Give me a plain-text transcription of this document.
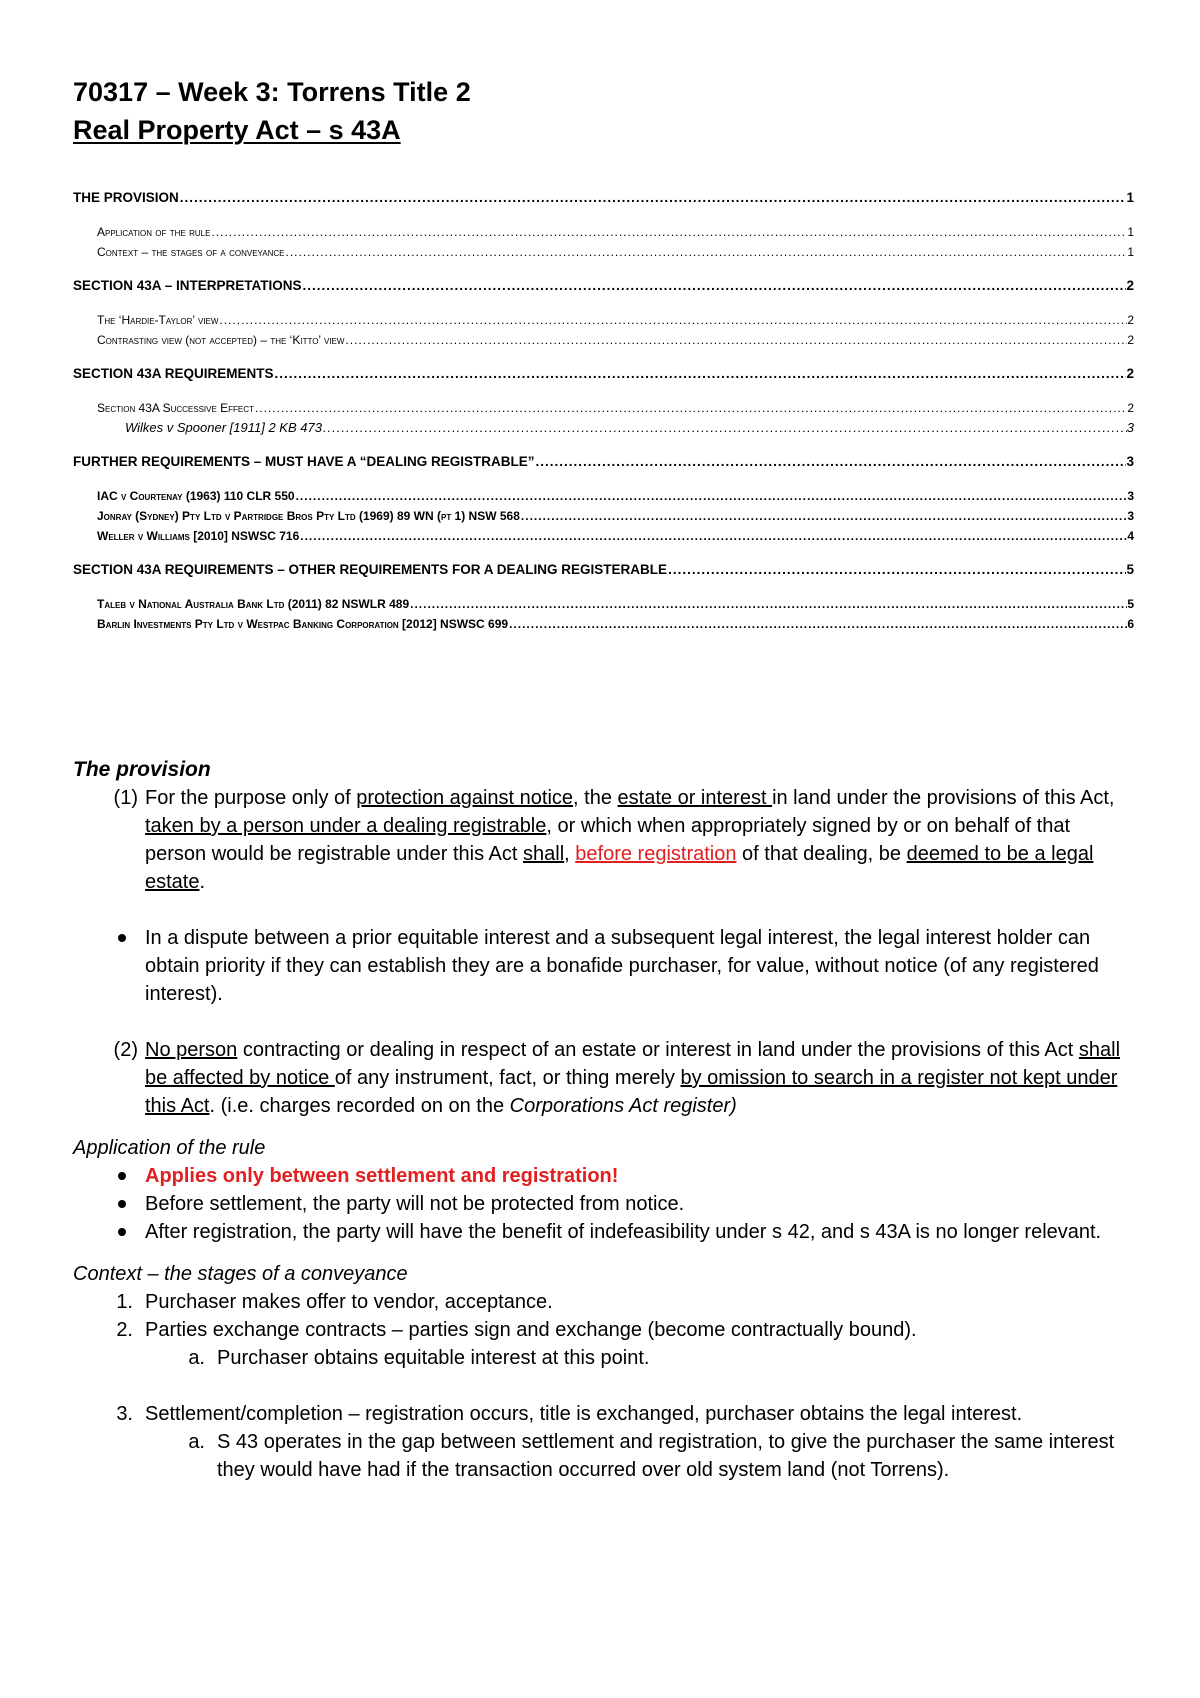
70317 – Week 3: Torrens Title 2
Real Property Act – s 43A
THE PROVISION .....	1
Application of the rule .....	1
Context – the stages of a conveyance .....	1
SECTION 43A – INTERPRETATIONS .....	2
The ‘Hardie-Taylor’ view .....	2
Contrasting view (not accepted) – the ‘Kitto’ view .....	2
SECTION 43A REQUIREMENTS .....	2
Section 43A Successive Effect .....	2
Wilkes v Spooner [1911] 2 KB 473 .....	3
FURTHER REQUIREMENTS – MUST HAVE A “DEALING REGISTRABLE” .....	3
IAC v Courtenay (1963) 110 CLR 550 .....	3
Jonray (Sydney) Pty Ltd v Partridge Bros Pty Ltd (1969) 89 WN (pt 1) NSW 568 .....	3
Weller v Williams [2010] NSWSC 716 .....	4
SECTION 43A REQUIREMENTS – OTHER REQUIREMENTS FOR A DEALING REGISTERABLE .....	5
Taleb v National Australia Bank Ltd (2011) 82 NSWLR 489 .....	5
Barlin Investments Pty Ltd v Westpac Banking Corporation [2012] NSWSC 699 .....	6
The provision
(1) For the purpose only of protection against notice, the estate or interest in land under the provisions of this Act, taken by a person under a dealing registrable, or which when appropriately signed by or on behalf of that person would be registrable under this Act shall, before registration of that dealing, be deemed to be a legal estate.
In a dispute between a prior equitable interest and a subsequent legal interest, the legal interest holder can obtain priority if they can establish they are a bonafide purchaser, for value, without notice (of any registered interest).
(2) No person contracting or dealing in respect of an estate or interest in land under the provisions of this Act shall be affected by notice of any instrument, fact, or thing merely by omission to search in a register not kept under this Act. (i.e. charges recorded on on the Corporations Act register)

Application of the rule

Applies only between settlement and registration!
Before settlement, the party will not be protected from notice.
After registration, the party will have the benefit of indefeasibility under s 42, and s 43A is no longer relevant.

Context – the stages of a conveyance

1. Purchaser makes offer to vendor, acceptance.
2. Parties exchange contracts – parties sign and exchange (become contractually bound).
a. Purchaser obtains equitable interest at this point.
3. Settlement/completion – registration occurs, title is exchanged, purchaser obtains the legal interest.
a. S 43 operates in the gap between settlement and registration, to give the purchaser the same interest they would have had if the transaction occurred over old system land (not Torrens).
